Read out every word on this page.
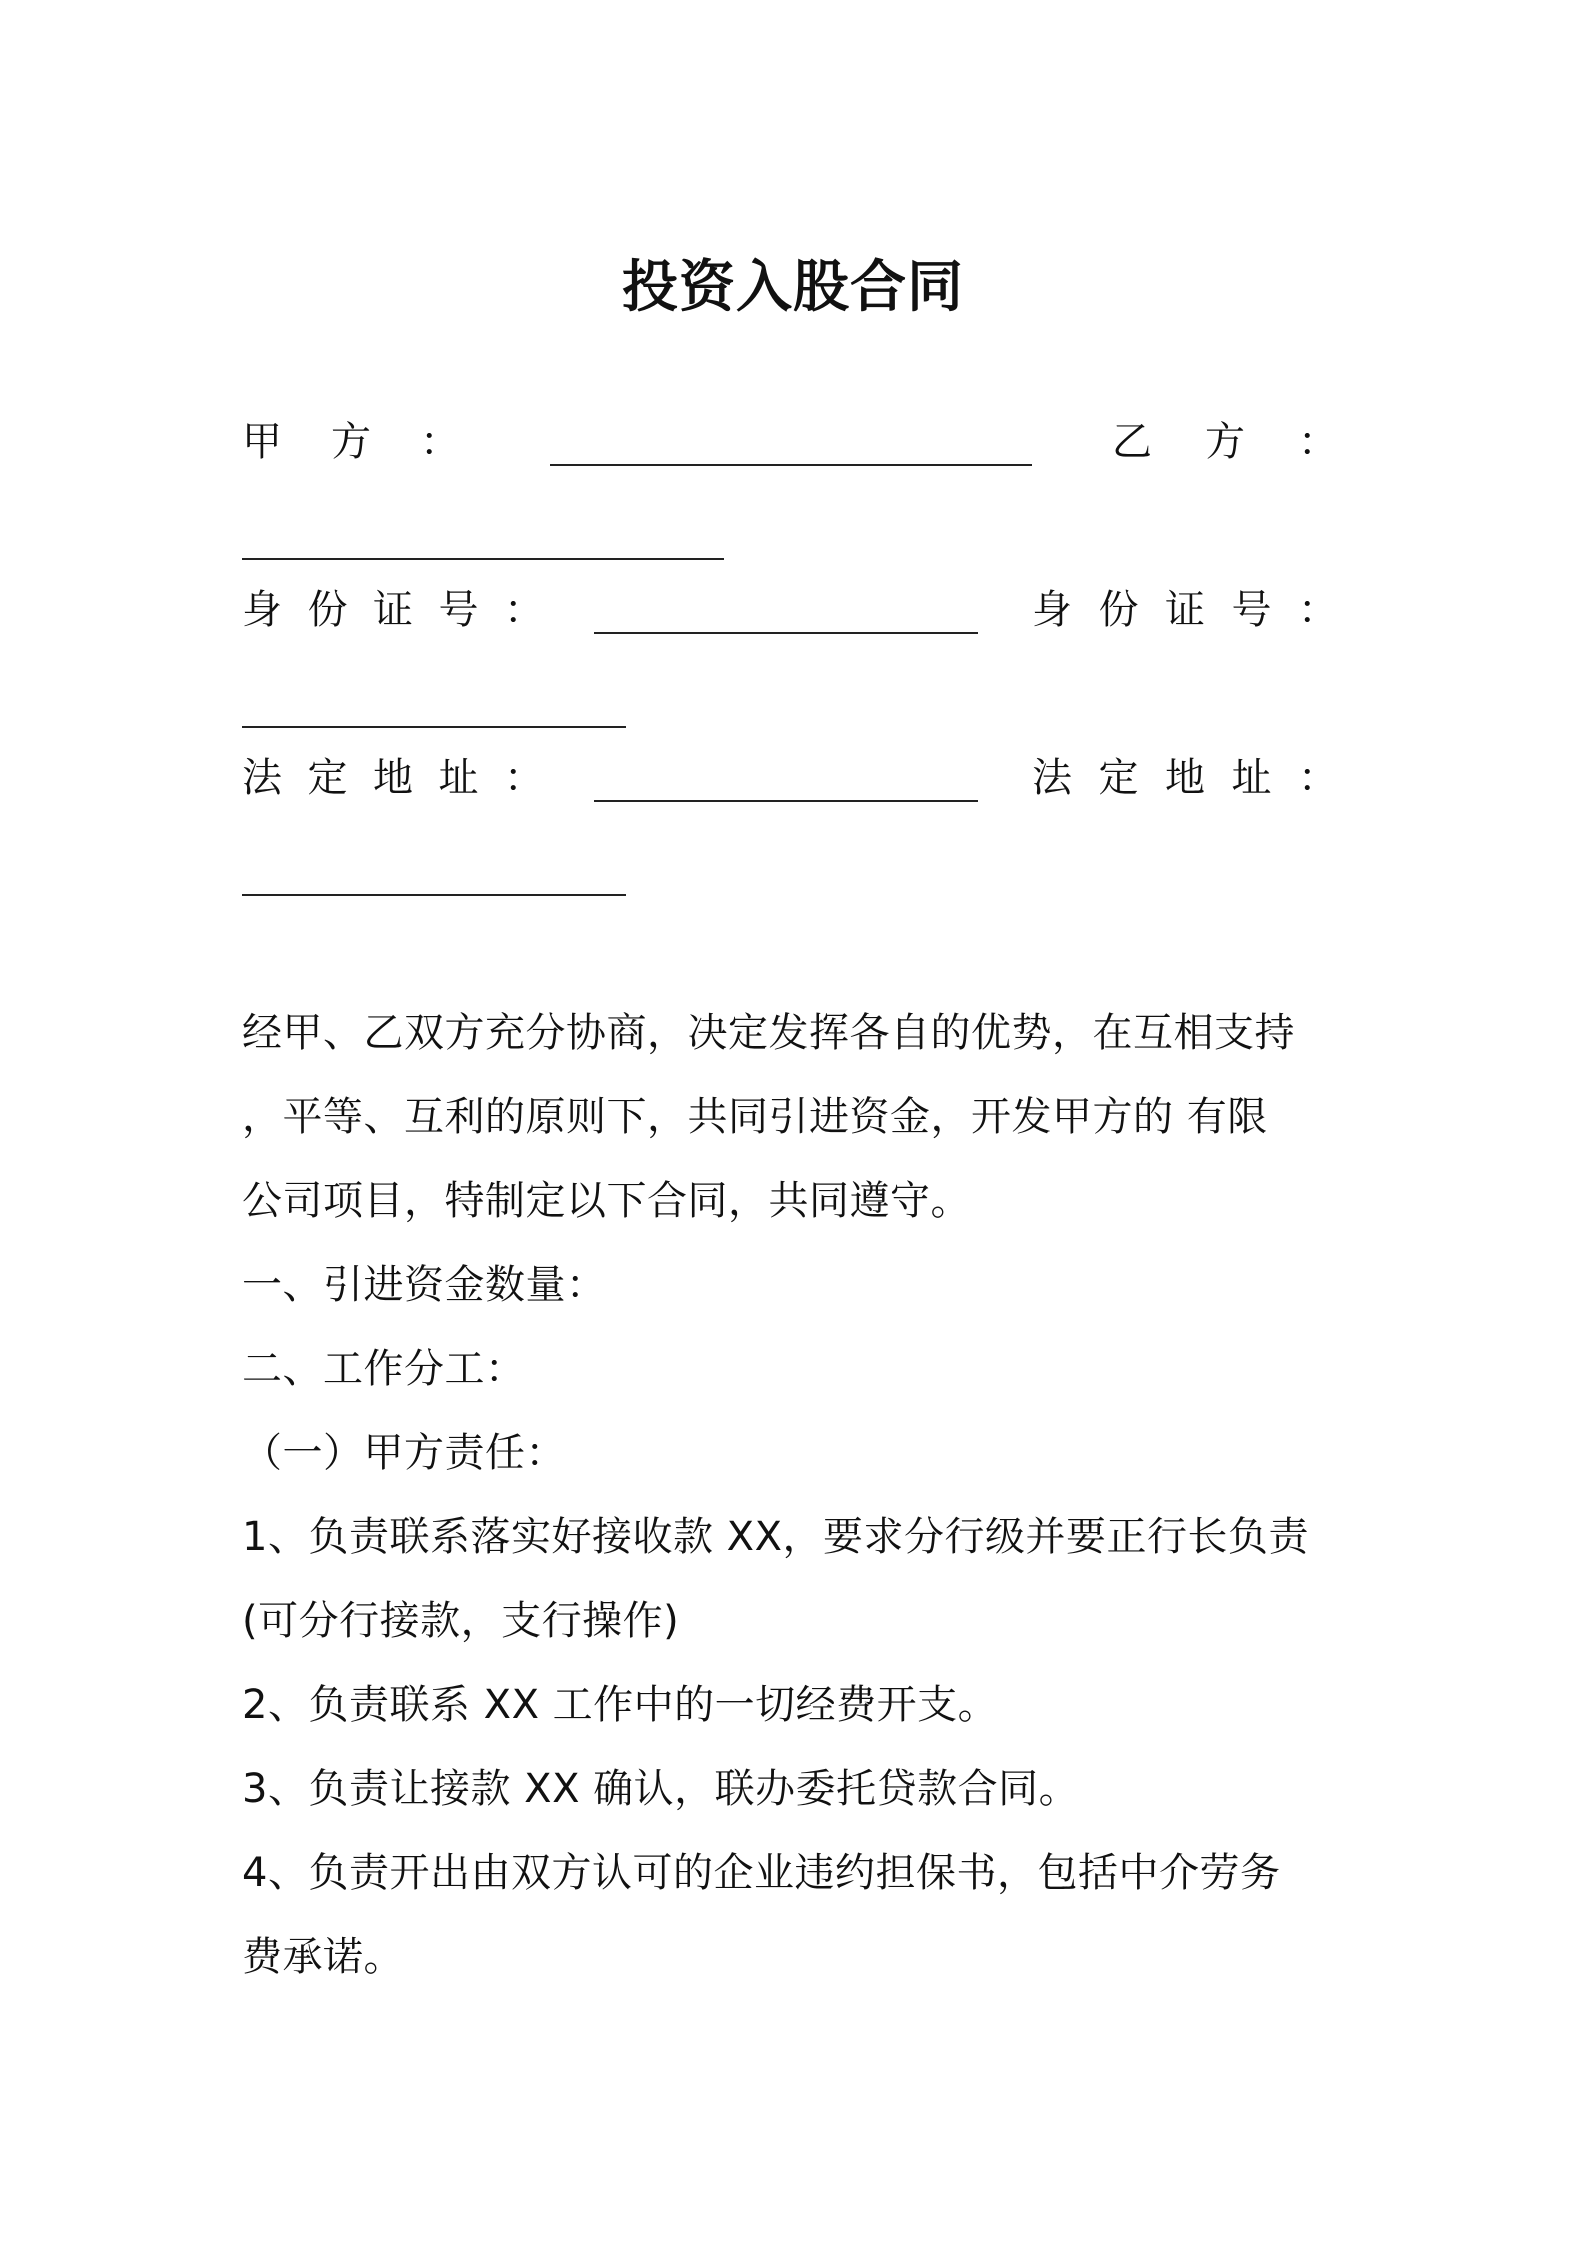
投资入股合同
甲 方 ：	乙 方 ：
身 份 证 号 ：	身 份 证 号 ：
法 定 地 址 ：	法 定 地 址 ：
经甲、乙双方充分协商，决定发挥各自的优势，在互相支持
，平等、互利的原则下，共同引进资金，开发甲方的 有限
公司项目，特制定以下合同，共同遵守。
一、引进资金数量：
二、工作分工：
（一）甲方责任：
1、负责联系落实好接收款 XX，要求分行级并要正行长负责
(可分行接款，支行操作)
2、负责联系 XX 工作中的一切经费开支。
3、负责让接款 XX 确认，联办委托贷款合同。
4、负责开出由双方认可的企业违约担保书，包括中介劳务
费承诺。
